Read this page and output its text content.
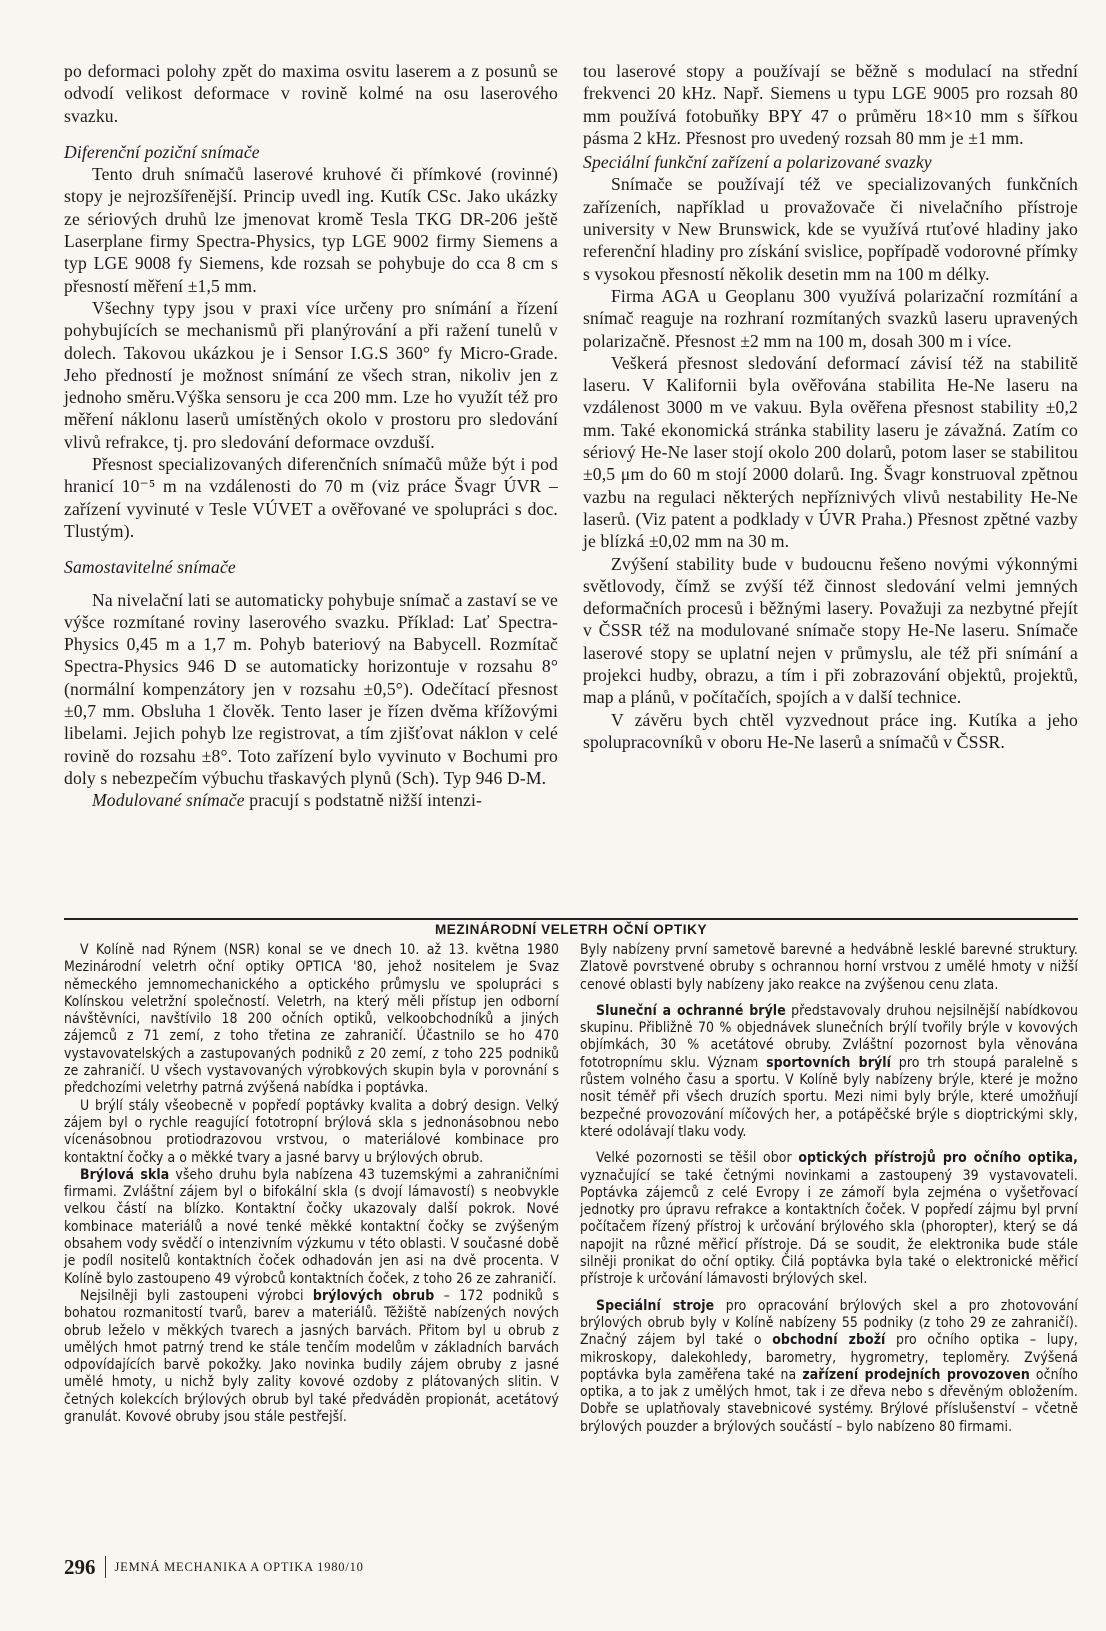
po deformaci polohy zpět do maxima osvitu laserem a z posunů se odvodí velikost deformace v rovině kolmé na osu laserového svazku.

Diferenční poziční snímače

Tento druh snímačů laserové kruhové či přímkové (rovinné) stopy je nejrozšířenější. Princip uvedl ing. Kutík CSc. Jako ukázky ze sériových druhů lze jmenovat kromě Tesla TKG DR-206 ještě Laserplane firmy Spectra-Physics, typ LGE 9002 firmy Siemens a typ LGE 9008 fy Siemens, kde rozsah se pohybuje do cca 8 cm s přesností měření ±1,5 mm.

Všechny typy jsou v praxi více určeny pro snímání a řízení pohybujících se mechanismů při planýrování a při ražení tunelů v dolech. Takovou ukázkou je i Sensor I.G.S 360° fy Micro-Grade. Jeho předností je možnost snímání ze všech stran, nikoliv jen z jednoho směru.Výška sensoru je cca 200 mm. Lze ho využít též pro měření náklonu laserů umístěných okolo v prostoru pro sledování vlivů refrakce, tj. pro sledování deformace ovzduší.

Přesnost specializovaných diferenčních snímačů může být i pod hranicí 10⁻⁵ m na vzdálenosti do 70 m (viz práce Švagr ÚVR – zařízení vyvinuté v Tesle VÚVET a ověřované ve spolupráci s doc. Tlustým).

Samostavitelné snímače

Na nivelační lati se automaticky pohybuje snímač a zastaví se ve výšce rozmítané roviny laserového svazku. Příklad: Lať Spectra-Physics 0,45 m a 1,7 m. Pohyb bateriový na Babycell. Rozmítač Spectra-Physics 946 D se automaticky horizontuje v rozsahu 8° (normální kompenzátory jen v rozsahu ±0,5°). Odečítací přesnost ±0,7 mm. Obsluha 1 člověk. Tento laser je řízen dvěma křížovými libelami. Jejich pohyb lze registrovat, a tím zjišťovat náklon v celé rovině do rozsahu ±8°. Toto zařízení bylo vyvinuto v Bochumi pro doly s nebezpečím výbuchu třaskavých plynů (Sch). Typ 946 D-M.

Modulované snímače pracují s podstatně nižší intenzi-

tou laserové stopy a používají se běžně s modulací na střední frekvenci 20 kHz. Např. Siemens u typu LGE 9005 pro rozsah 80 mm používá fotobuňky BPY 47 o průměru 18×10 mm s šířkou pásma 2 kHz. Přesnost pro uvedený rozsah 80 mm je ±1 mm.

Speciální funkční zařízení a polarizované svazky

Snímače se používají též ve specializovaných funkčních zařízeních, například u provažovače či nivelačního přístroje university v New Brunswick, kde se využívá rtuťové hladiny jako referenční hladiny pro získání svislice, popřípadě vodorovné přímky s vysokou přesností několik desetin mm na 100 m délky.

Firma AGA u Geoplanu 300 využívá polarizační rozmítání a snímač reaguje na rozhraní rozmítaných svazků laseru upravených polarizačně. Přesnost ±2 mm na 100 m, dosah 300 m i více.

Veškerá přesnost sledování deformací závisí též na stabilitě laseru. V Kalifornii byla ověřována stabilita He-Ne laseru na vzdálenost 3000 m ve vakuu. Byla ověřena přesnost stability ±0,2 mm. Také ekonomická stránka stability laseru je závažná. Zatím co sériový He-Ne laser stojí okolo 200 dolarů, potom laser se stabilitou ±0,5 μm do 60 m stojí 2000 dolarů. Ing. Švagr konstruoval zpětnou vazbu na regulaci některých nepříznivých vlivů nestability He-Ne laserů. (Viz patent a podklady v ÚVR Praha.) Přesnost zpětné vazby je blízká ±0,02 mm na 30 m.

Zvýšení stability bude v budoucnu řešeno novými výkonnými světlovody, čímž se zvýší též činnost sledování velmi jemných deformačních procesů i běžnými lasery. Považuji za nezbytné přejít v ČSSR též na modulované snímače stopy He-Ne laseru. Snímače laserové stopy se uplatní nejen v průmyslu, ale též při snímání a projekci hudby, obrazu, a tím i při zobrazování objektů, projektů, map a plánů, v počítačích, spojích a v další technice.

V závěru bych chtěl vyzvednout práce ing. Kutíka a jeho spolupracovníků v oboru He-Ne laserů a snímačů v ČSSR.

MEZINÁRODNÍ VELETRH OČNÍ OPTIKY

V Kolíně nad Rýnem (NSR) konal se ve dnech 10. až 13. května 1980 Mezinárodní veletrh oční optiky OPTICA '80, jehož nositelem je Svaz německého jemnomechanického a optického průmyslu ve spolupráci s Kolínskou veletržní společností. Veletrh, na který měli přístup jen odborní návštěvníci, navštívilo 18 200 očních optiků, velkoobchodníků a jiných zájemců z 71 zemí, z toho třetina ze zahraničí. Účastnilo se ho 470 vystavovatelských a zastupovaných podniků z 20 zemí, z toho 225 podniků ze zahraničí. U všech vystavovaných výrobkových skupin byla v porovnání s předchozími veletrhy patrná zvýšená nabídka i poptávka.

U brýlí stály všeobecně v popředí poptávky kvalita a dobrý design. Velký zájem byl o rychle reagující fototropní brýlová skla s jednonásobnou nebo vícenásobnou protiodrazovou vrstvou, o materiálové kombinace pro kontaktní čočky a o měkké tvary a jasné barvy u brýlových obrub.

Brýlová skla všeho druhu byla nabízena 43 tuzemskými a zahraničními firmami. Zvláštní zájem byl o bifokální skla (s dvojí lámavostí) s neobvykle velkou částí na blízko. Kontaktní čočky ukazovaly další pokrok. Nové kombinace materiálů a nové tenké měkké kontaktní čočky se zvýšeným obsahem vody svědčí o intenzivním výzkumu v této oblasti. V současné době je podíl nositelů kontaktních čoček odhadován jen asi na dvě procenta. V Kolíně bylo zastoupeno 49 výrobců kontaktních čoček, z toho 26 ze zahraničí.

Nejsilněji byli zastoupeni výrobci brýlových obrub – 172 podniků s bohatou rozmanitostí tvarů, barev a materiálů. Těžiště nabízených nových obrub leželo v měkkých tvarech a jasných barvách. Přitom byl u obrub z umělých hmot patrný trend ke stále tenčím modelům v základních barvách odpovídajících barvě pokožky. Jako novinka budily zájem obruby z jasné umělé hmoty, u nichž byly zality kovové ozdoby z plátovaných slitin. V četných kolekcích brýlových obrub byl také předváděn propionát, acetátový granulát. Kovové obruby jsou stále pestřejší.

Byly nabízeny první sametově barevné a hedvábně lesklé barevné struktury. Zlatově povrstvené obruby s ochrannou horní vrstvou z umělé hmoty v nižší cenové oblasti byly nabízeny jako reakce na zvýšenou cenu zlata.

Sluneční a ochranné brýle představovaly druhou nejsilnější nabídkovou skupinu. Přibližně 70 % objednávek slunečních brýlí tvořily brýle v kovových objímkách, 30 % acetátové obruby. Zvláštní pozornost byla věnována fototropnímu sklu. Význam sportovních brýlí pro trh stoupá paralelně s růstem volného času a sportu. V Kolíně byly nabízeny brýle, které je možno nosit téměř při všech druzích sportu. Mezi nimi byly brýle, které umožňují bezpečné provozování míčových her, a potápěčské brýle s dioptrickými skly, které odolávají tlaku vody.

Velké pozornosti se těšil obor optických přístrojů pro očního optika, vyznačující se také četnými novinkami a zastoupený 39 vystavovateli. Poptávka zájemců z celé Evropy i ze zámoří byla zejména o vyšetřovací jednotky pro úpravu refrakce a kontaktních čoček. V popředí zájmu byl první počítačem řízený přístroj k určování brýlového skla (phoropter), který se dá napojit na různé měřicí přístroje. Dá se soudit, že elektronika bude stále silněji pronikat do oční optiky. Čilá poptávka byla také o elektronické měřicí přístroje k určování lámavosti brýlových skel.

Speciální stroje pro opracování brýlových skel a pro zhotovování brýlových obrub byly v Kolíně nabízeny 55 podniky (z toho 29 ze zahraničí). Značný zájem byl také o obchodní zboží pro očního optika – lupy, mikroskopy, dalekohledy, barometry, hygrometry, teploměry. Zvýšená poptávka byla zaměřena také na zařízení prodejních provozoven očního optika, a to jak z umělých hmot, tak i ze dřeva nebo s dřevěným obložením. Dobře se uplatňovaly stavebnicové systémy. Brýlové příslušenství – včetně brýlových pouzder a brýlových součástí – bylo nabízeno 80 firmami.

296 JEMNÁ MECHANIKA A OPTIKA 1980/10
